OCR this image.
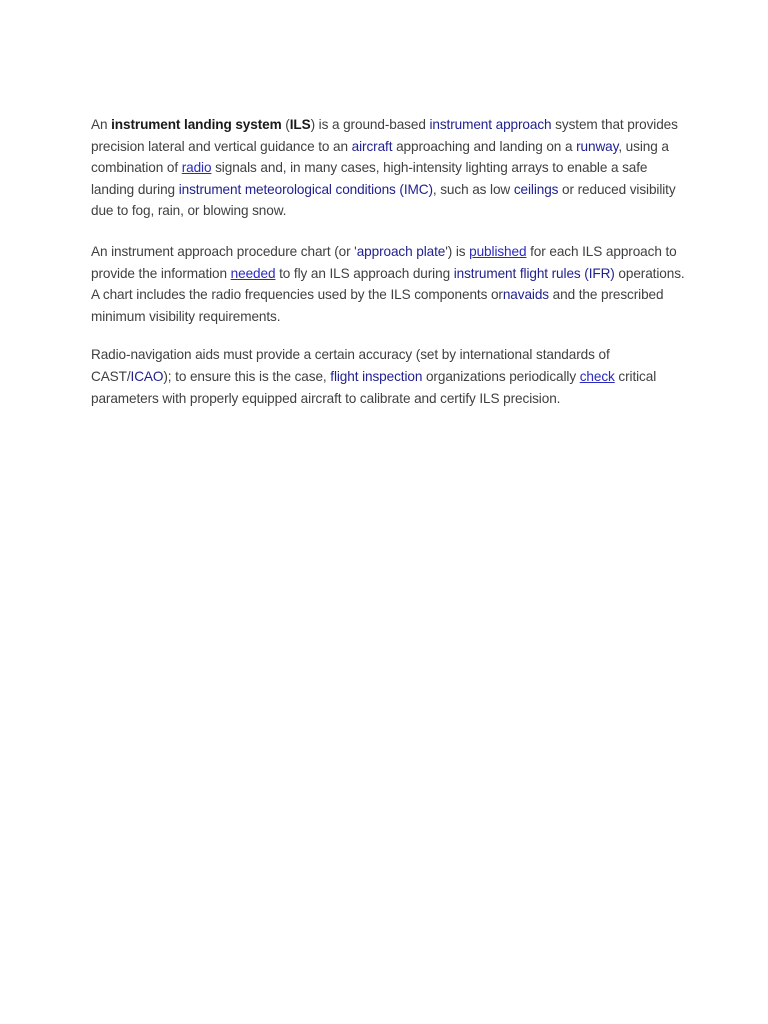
An instrument landing system (ILS) is a ground-based instrument approach system that provides precision lateral and vertical guidance to an aircraft approaching and landing on a runway, using a combination of radio signals and, in many cases, high-intensity lighting arrays to enable a safe landing during instrument meteorological conditions (IMC), such as low ceilings or reduced visibility due to fog, rain, or blowing snow.

An instrument approach procedure chart (or 'approach plate') is published for each ILS approach to provide the information needed to fly an ILS approach during instrument flight rules (IFR) operations. A chart includes the radio frequencies used by the ILS components ornavaids and the prescribed minimum visibility requirements.

Radio-navigation aids must provide a certain accuracy (set by international standards of CAST/ICAO); to ensure this is the case, flight inspection organizations periodically check critical parameters with properly equipped aircraft to calibrate and certify ILS precision.
